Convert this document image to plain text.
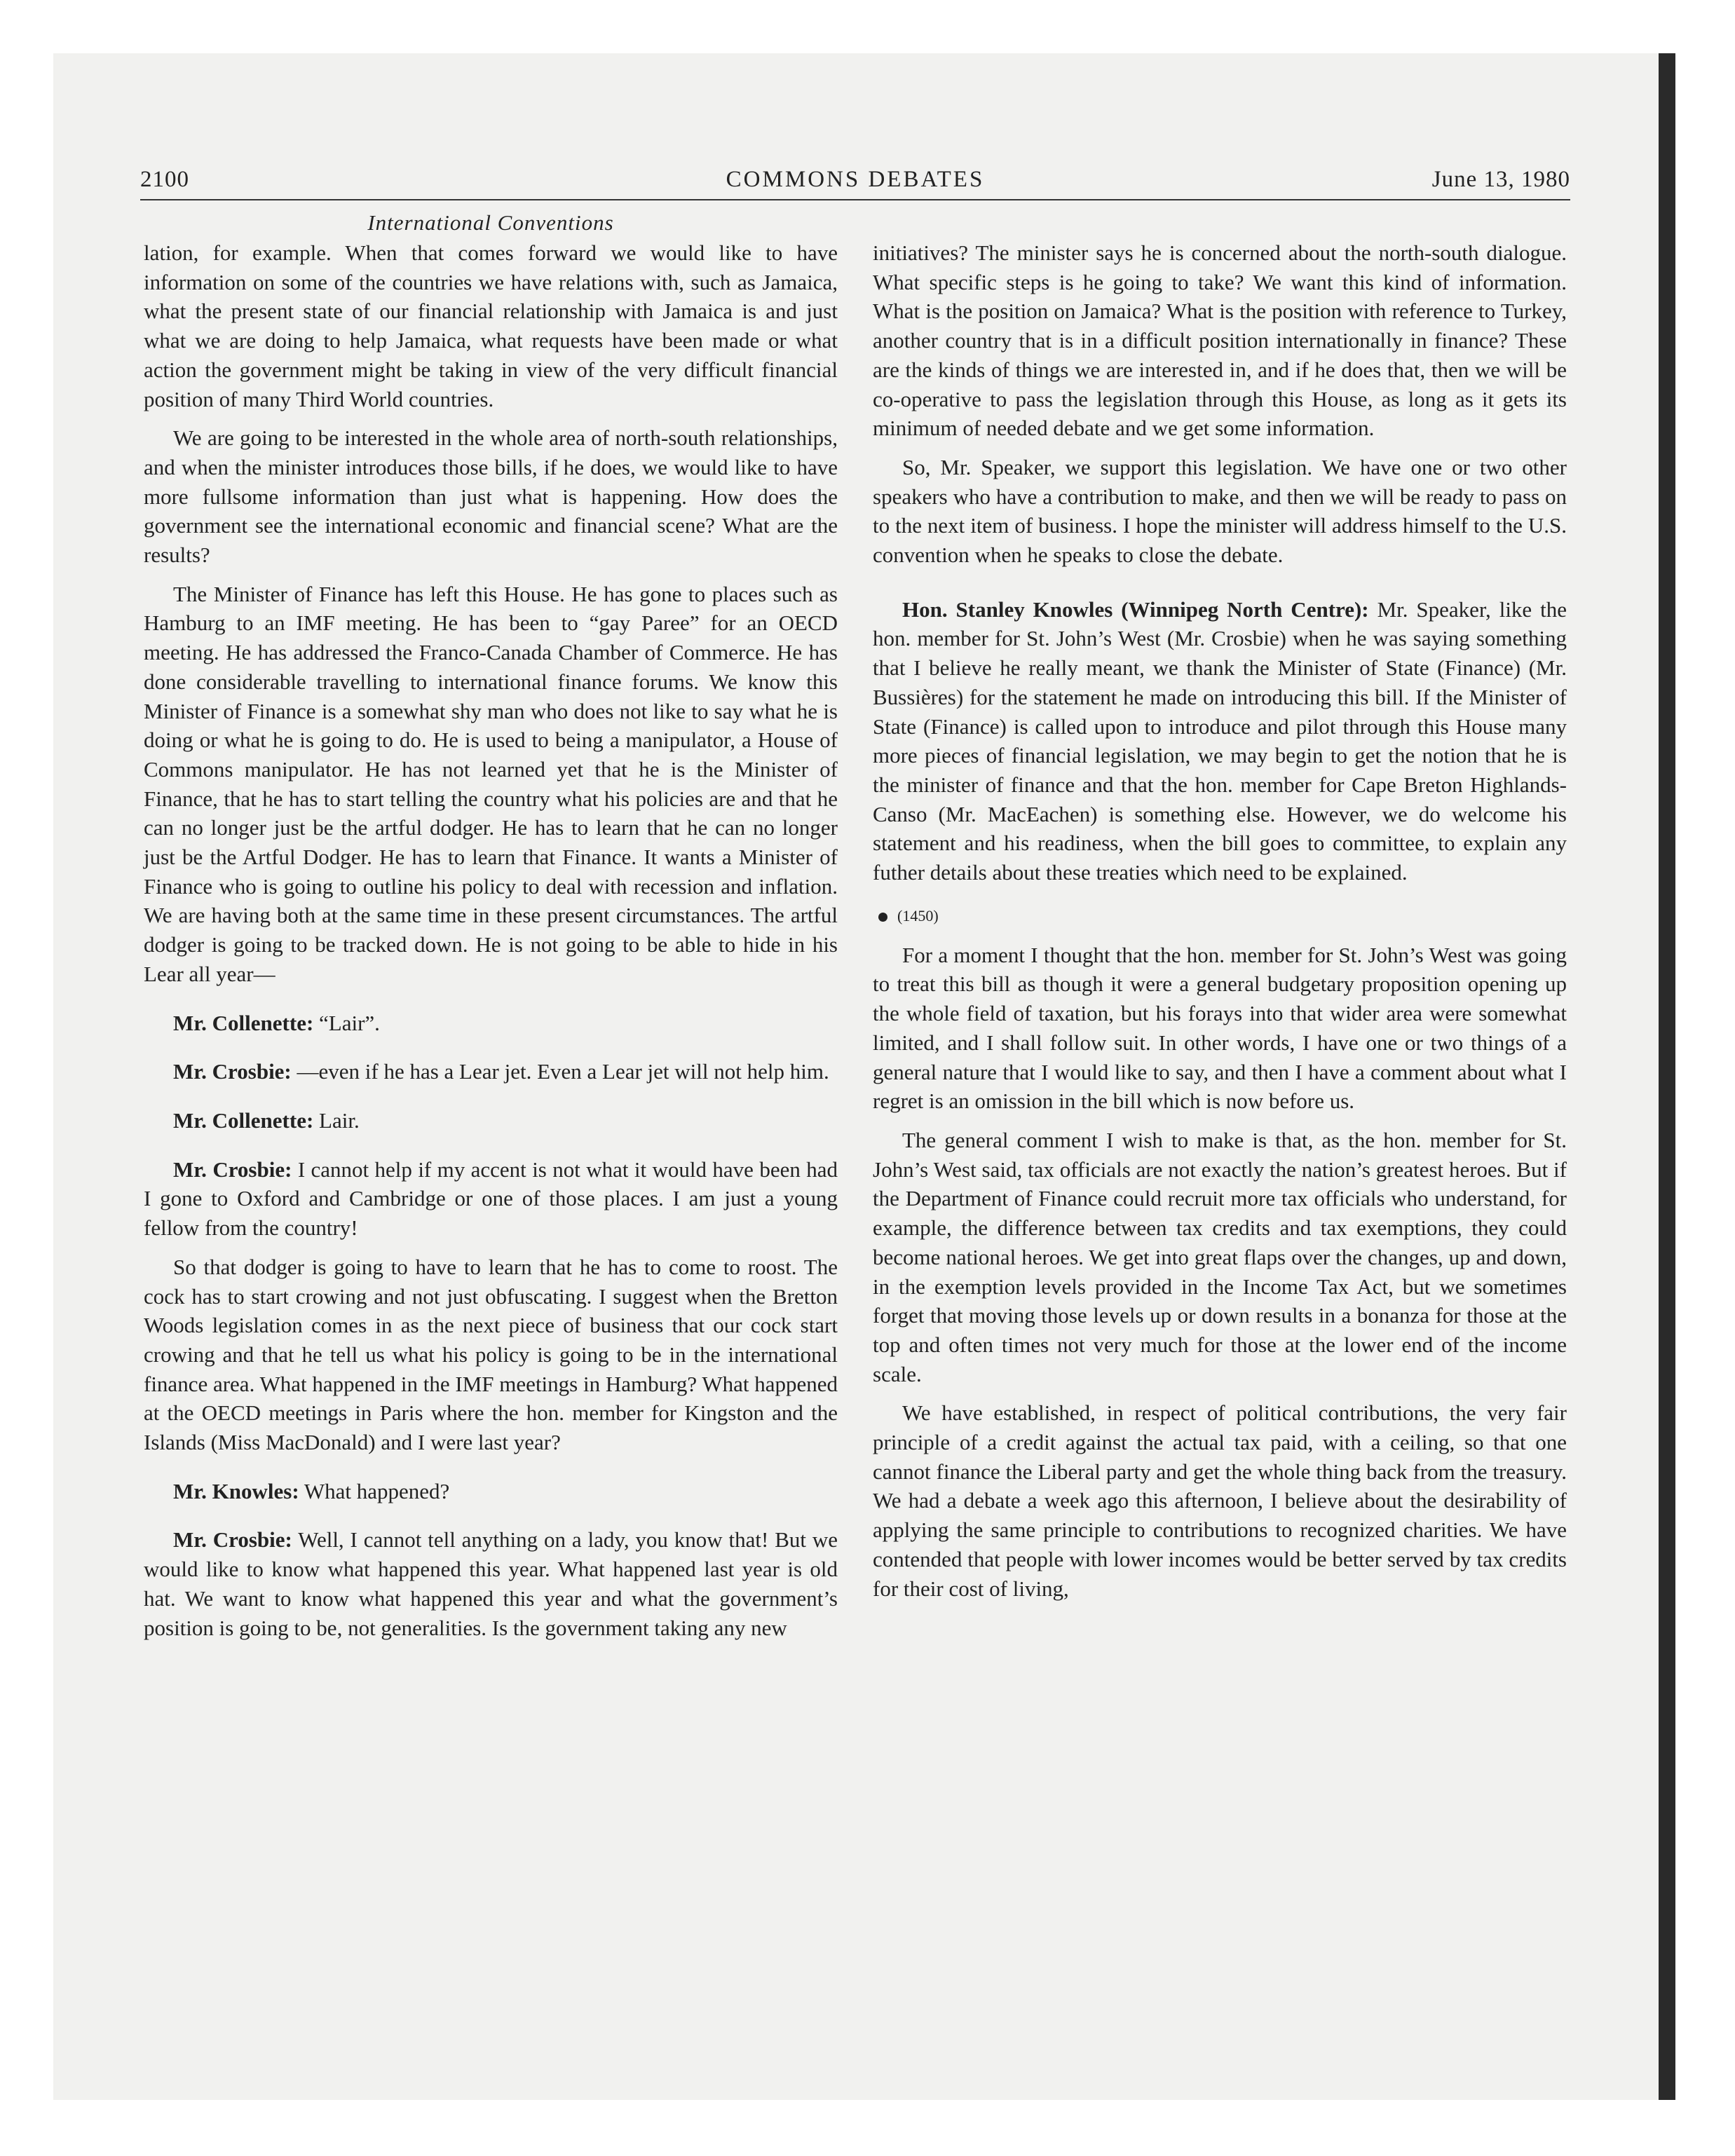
2100	COMMONS DEBATES	June 13, 1980
International Conventions

lation, for example. When that comes forward we would like to have information on some of the countries we have relations with, such as Jamaica, what the present state of our financial relationship with Jamaica is and just what we are doing to help Jamaica, what requests have been made or what action the government might be taking in view of the very difficult financial position of many Third World countries.

We are going to be interested in the whole area of north-south relationships, and when the minister introduces those bills, if he does, we would like to have more fullsome information than just what is happening. How does the government see the international economic and financial scene? What are the results?

The Minister of Finance has left this House. He has gone to places such as Hamburg to an IMF meeting. He has been to “gay Paree” for an OECD meeting. He has addressed the Franco-Canada Chamber of Commerce. He has done considerable travelling to international finance forums. We know this Minister of Finance is a somewhat shy man who does not like to say what he is doing or what he is going to do. He is used to being a manipulator, a House of Commons manipulator. He has not learned yet that he is the Minister of Finance, that he has to start telling the country what his policies are and that he can no longer just be the artful dodger. He has to learn that he can no longer just be the Artful Dodger. He has to learn that Finance. It wants a Minister of Finance who is going to outline his policy to deal with recession and inflation. We are having both at the same time in these present circumstances. The artful dodger is going to be tracked down. He is not going to be able to hide in his Lear all year—

Mr. Collenette: “Lair”.

Mr. Crosbie: —even if he has a Lear jet. Even a Lear jet will not help him.

Mr. Collenette: Lair.

Mr. Crosbie: I cannot help if my accent is not what it would have been had I gone to Oxford and Cambridge or one of those places. I am just a young fellow from the country!

So that dodger is going to have to learn that he has to come to roost. The cock has to start crowing and not just obfuscating. I suggest when the Bretton Woods legislation comes in as the next piece of business that our cock start crowing and that he tell us what his policy is going to be in the international finance area. What happened in the IMF meetings in Hamburg? What happened at the OECD meetings in Paris where the hon. member for Kingston and the Islands (Miss MacDonald) and I were last year?

Mr. Knowles: What happened?

Mr. Crosbie: Well, I cannot tell anything on a lady, you know that! But we would like to know what happened this year. What happened last year is old hat. We want to know what happened this year and what the government’s position is going to be, not generalities. Is the government taking any new

initiatives? The minister says he is concerned about the north-south dialogue. What specific steps is he going to take? We want this kind of information. What is the position on Jamaica? What is the position with reference to Turkey, another country that is in a difficult position internationally in finance? These are the kinds of things we are interested in, and if he does that, then we will be co-operative to pass the legislation through this House, as long as it gets its minimum of needed debate and we get some information.

So, Mr. Speaker, we support this legislation. We have one or two other speakers who have a contribution to make, and then we will be ready to pass on to the next item of business. I hope the minister will address himself to the U.S. convention when he speaks to close the debate.

Hon. Stanley Knowles (Winnipeg North Centre): Mr. Speaker, like the hon. member for St. John’s West (Mr. Crosbie) when he was saying something that I believe he really meant, we thank the Minister of State (Finance) (Mr. Bussières) for the statement he made on introducing this bill. If the Minister of State (Finance) is called upon to introduce and pilot through this House many more pieces of financial legislation, we may begin to get the notion that he is the minister of finance and that the hon. member for Cape Breton Highlands-Canso (Mr. MacEachen) is something else. However, we do welcome his statement and his readiness, when the bill goes to committee, to explain any futher details about these treaties which need to be explained.

(1450)

For a moment I thought that the hon. member for St. John’s West was going to treat this bill as though it were a general budgetary proposition opening up the whole field of taxation, but his forays into that wider area were somewhat limited, and I shall follow suit. In other words, I have one or two things of a general nature that I would like to say, and then I have a comment about what I regret is an omission in the bill which is now before us.

The general comment I wish to make is that, as the hon. member for St. John’s West said, tax officials are not exactly the nation’s greatest heroes. But if the Department of Finance could recruit more tax officials who understand, for example, the difference between tax credits and tax exemptions, they could become national heroes. We get into great flaps over the changes, up and down, in the exemption levels provided in the Income Tax Act, but we sometimes forget that moving those levels up or down results in a bonanza for those at the top and often times not very much for those at the lower end of the income scale.

We have established, in respect of political contributions, the very fair principle of a credit against the actual tax paid, with a ceiling, so that one cannot finance the Liberal party and get the whole thing back from the treasury. We had a debate a week ago this afternoon, I believe about the desirability of applying the same principle to contributions to recognized charities. We have contended that people with lower incomes would be better served by tax credits for their cost of living,
